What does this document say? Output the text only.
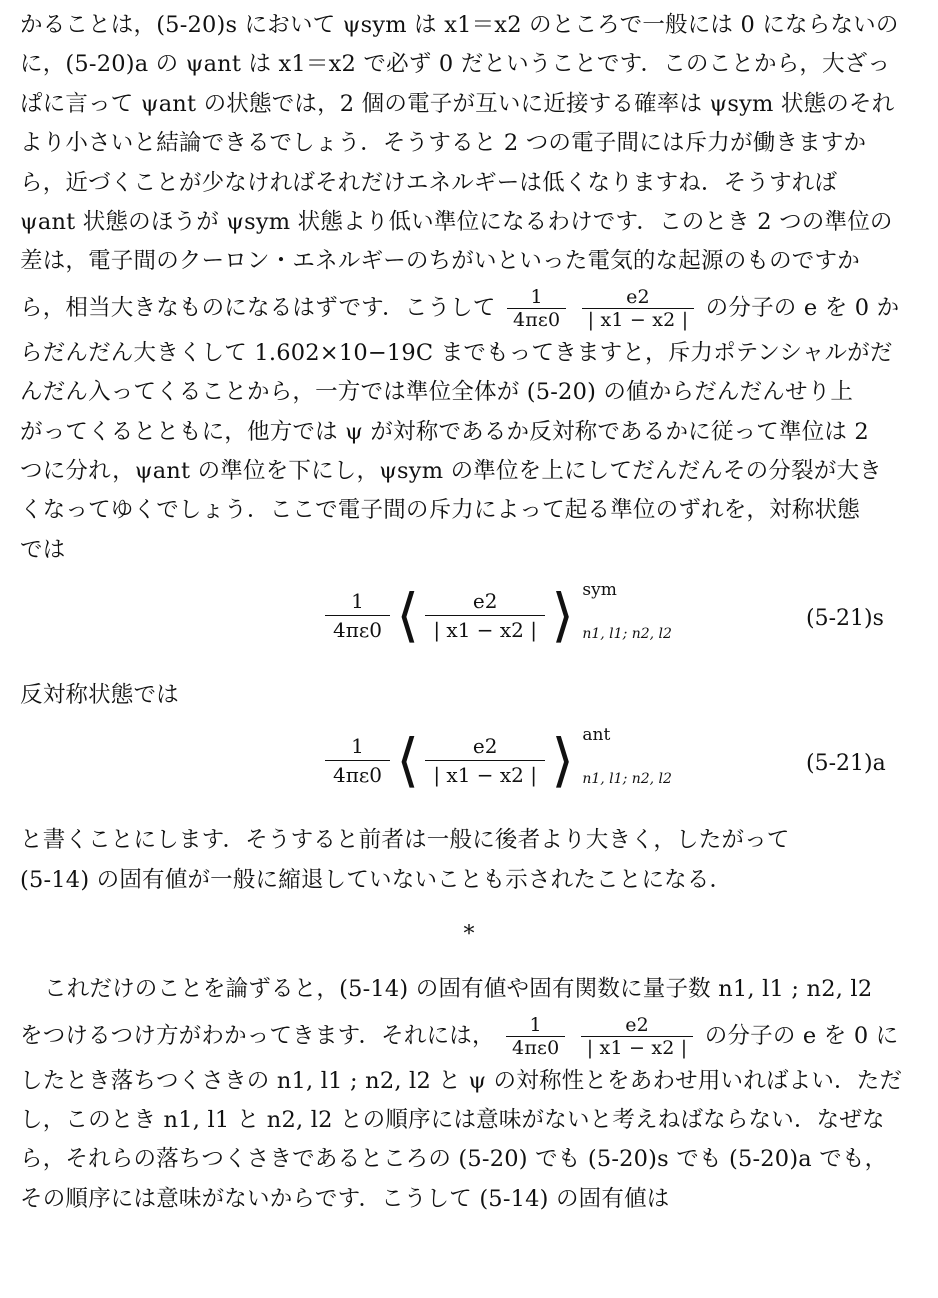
かることは，(5-20)s において ψsym は x1＝x2 のところで一般には 0 にならないの
に，(5-20)a の ψant は x1＝x2 で必ず 0 だということです．このことから，大ざっ
ぱに言って ψant の状態では，2 個の電子が互いに近接する確率は ψsym 状態のそれ
より小さいと結論できるでしょう．そうすると 2 つの電子間には斥力が働きますか
ら，近づくことが少なければそれだけエネルギーは低くなりますね．そうすれば
ψant 状態のほうが ψsym 状態より低い準位になるわけです．このとき 2 つの準位の
差は，電子間のクーロン・エネルギーのちがいといった電気的な起源のものですか
ら，相当大きなものになるはずです．こうして $\frac{1}{4\pi\varepsilon 0}$
$\frac{e2}{| x1 - x2 |}$ の分子の e を 0 か
らだんだん大きくして 1.602×10−19C までもってきますと，斥力ポテンシャルがだ
んだん入ってくることから，一方では準位全体が (5-20) の値からだんだんせり上
がってくるとともに，他方では ψ が対称であるか反対称であるかに従って準位は 2
つに分れ，ψant の準位を下にし，ψsym の準位を上にしてだんだんその分裂が大き
くなってゆくでしょう．ここで電子間の斥力によって起る準位のずれを，対称状態
では
$\frac{1}{4\pi\varepsilon 0}$ ⟨ $\frac{e2}{| x1 - x2 |}$ ⟩ sym
n1, l1; n2, l2
(5-21)s
反対称状態では
$\frac{1}{4\pi\varepsilon 0}$ ⟨ $\frac{e2}{| x1 - x2 |}$ ⟩ ant
n1, l1; n2, l2
(5-21)a
と書くことにします．そうすると前者は一般に後者より大きく，したがって
(5-14) の固有値が一般に縮退していないことも示されたことになる．
*
これだけのことを論ずると，(5-14) の固有値や固有関数に量子数 n1, l1 ; n2, l2
をつけるつけ方がわかってきます．それには， $\frac{1}{4\pi\varepsilon 0}$
$\frac{e2}{| x1 - x2 |}$ の分子の e を 0 に
したとき落ちつくさきの n1, l1 ; n2, l2 と ψ の対称性とをあわせ用いればよい．ただ
し，このとき n1, l1 と n2, l2 との順序には意味がないと考えねばならない．なぜな
ら，それらの落ちつくさきであるところの (5-20) でも (5-20)s でも (5-20)a でも，
その順序には意味がないからです．こうして (5-14) の固有値は
